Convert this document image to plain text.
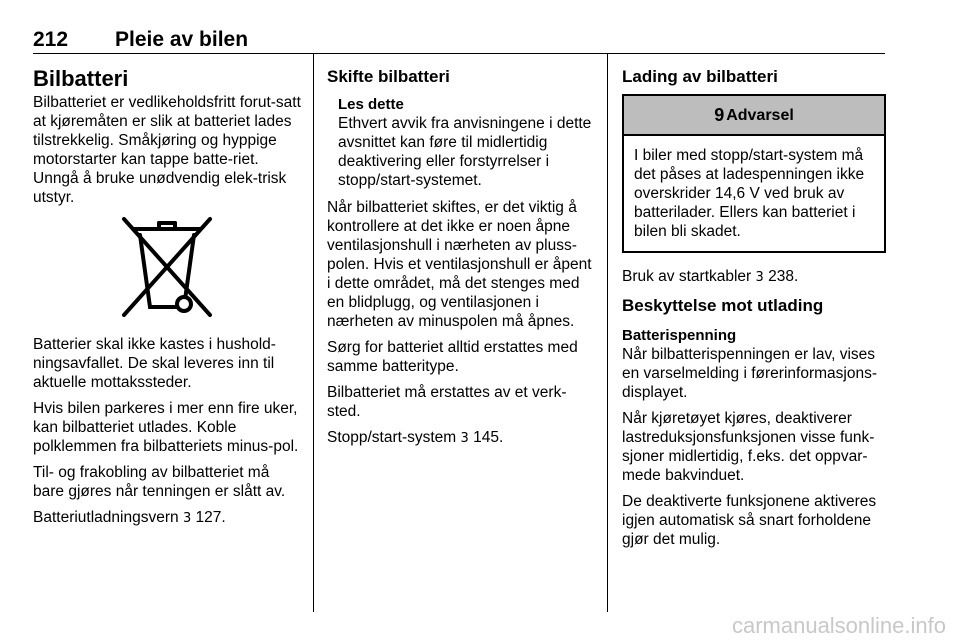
212 Pleie av bilen
Bilbatteri

Bilbatteriet er vedlikeholdsfritt forut-satt at kjøremåten er slik at batteriet lades tilstrekkelig. Småkjøring og hyppige motorstarter kan tappe batte-riet. Unngå å bruke unødvendig elek-trisk utstyr.

Batterier skal ikke kastes i hushold-ningsavfallet. De skal leveres inn til aktuelle mottakssteder.

Hvis bilen parkeres i mer enn fire uker, kan bilbatteriet utlades. Koble polklemmen fra bilbatteriets minus-pol.

Til- og frakobling av bilbatteriet må bare gjøres når tenningen er slått av.

Batteriutladningsvern 3 127.

Skifte bilbatteri
Les dette

Ethvert avvik fra anvisningene i dette avsnittet kan føre til midlertidig deaktivering eller forstyrrelser i stopp/start-systemet.

Når bilbatteriet skiftes, er det viktig å kontrollere at det ikke er noen åpne ventilasjonshull i nærheten av pluss-polen. Hvis et ventilasjonshull er åpent i dette området, må det stenges med en blidplugg, og ventilasjonen i nærheten av minuspolen må åpnes.

Sørg for batteriet alltid erstattes med samme batteritype.

Bilbatteriet må erstattes av et verk-sted.

Stopp/start-system 3 145.

Lading av bilbatteri
9 Advarsel

I biler med stopp/start-system må det påses at ladespenningen ikke overskrider 14,6 V ved bruk av batterilader. Ellers kan batteriet i bilen bli skadet.

Bruk av startkabler 3 238.

Beskyttelse mot utlading
Batterispenning

Når bilbatterispenningen er lav, vises en varselmelding i førerinformasjons-displayet.

Når kjøretøyet kjøres, deaktiverer lastreduksjonsfunksjonen visse funk-sjoner midlertidig, f.eks. det oppvar-mede bakvinduet.

De deaktiverte funksjonene aktiveres igjen automatisk så snart forholdene gjør det mulig.

carmanualsonline.info
